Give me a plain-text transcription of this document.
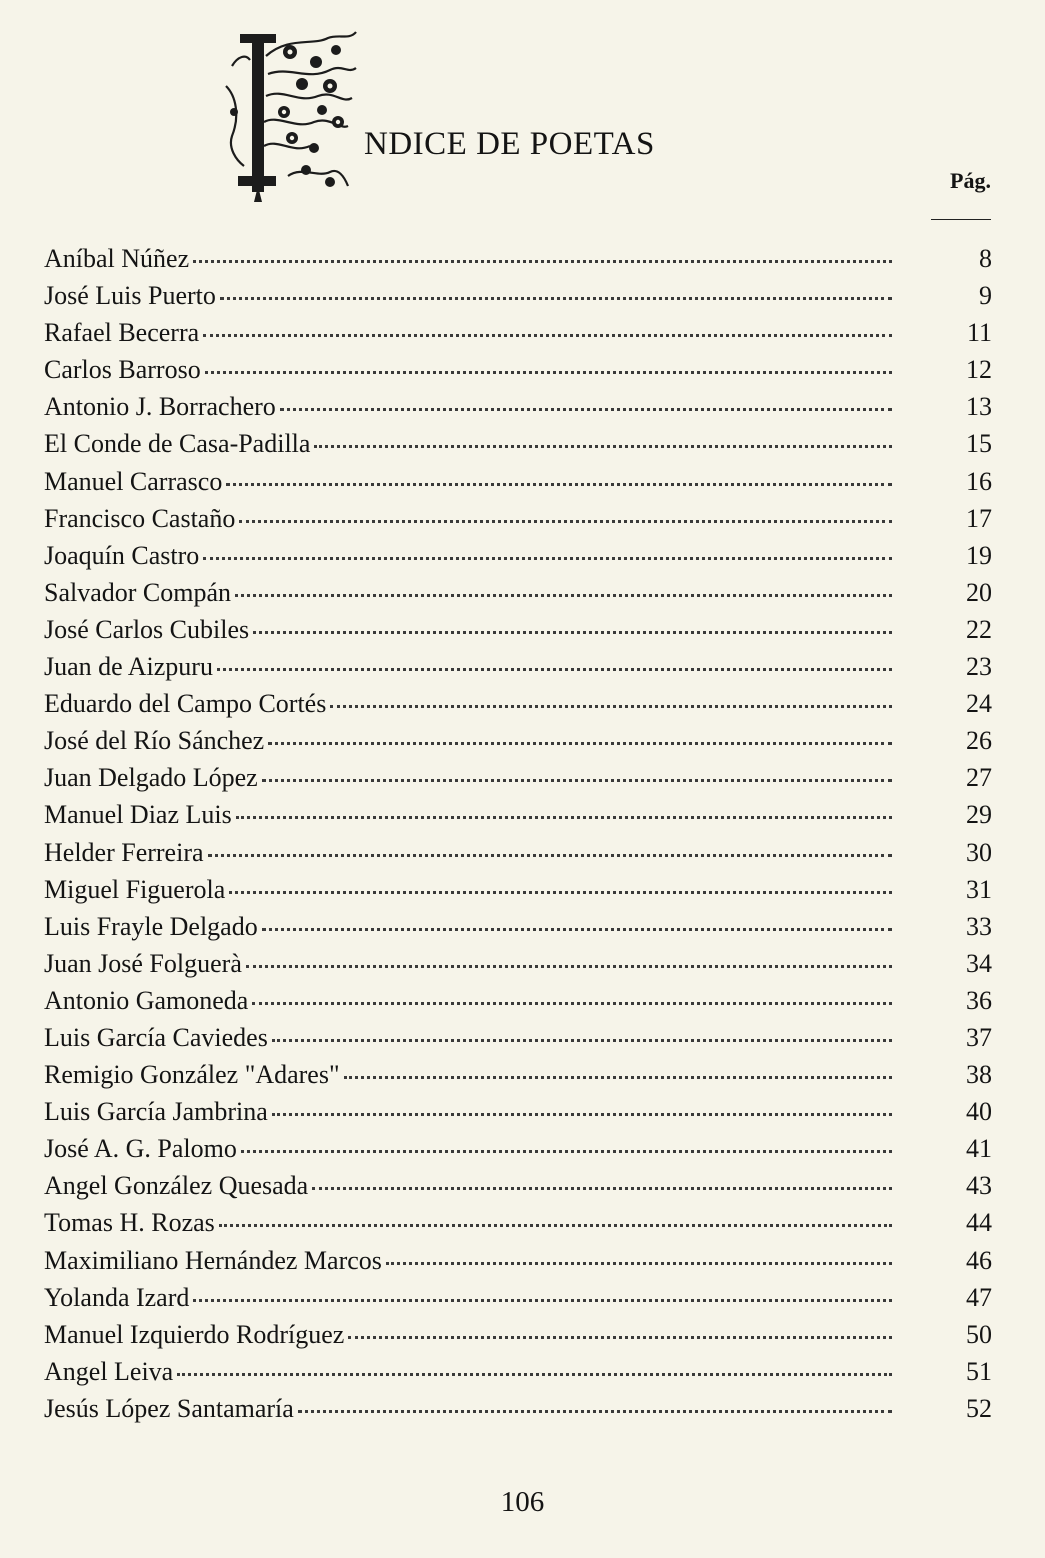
NDICE DE POETAS
Pág.
Aníbal Núñez	8
José Luis Puerto	9
Rafael Becerra	11
Carlos Barroso	12
Antonio J. Borrachero	13
El Conde de Casa-Padilla	15
Manuel Carrasco	16
Francisco Castaño	17
Joaquín Castro	19
Salvador Compán	20
José Carlos Cubiles	22
Juan de Aizpuru	23
Eduardo del Campo Cortés	24
José del Río Sánchez	26
Juan Delgado López	27
Manuel Diaz Luis	29
Helder Ferreira	30
Miguel Figuerola	31
Luis Frayle Delgado	33
Juan José Folguerà	34
Antonio Gamoneda	36
Luis García Caviedes	37
Remigio González "Adares"	38
Luis García Jambrina	40
José A. G. Palomo	41
Angel González Quesada	43
Tomas H. Rozas	44
Maximiliano Hernández Marcos	46
Yolanda Izard	47
Manuel Izquierdo Rodríguez	50
Angel Leiva	51
Jesús López Santamaría	52
106
